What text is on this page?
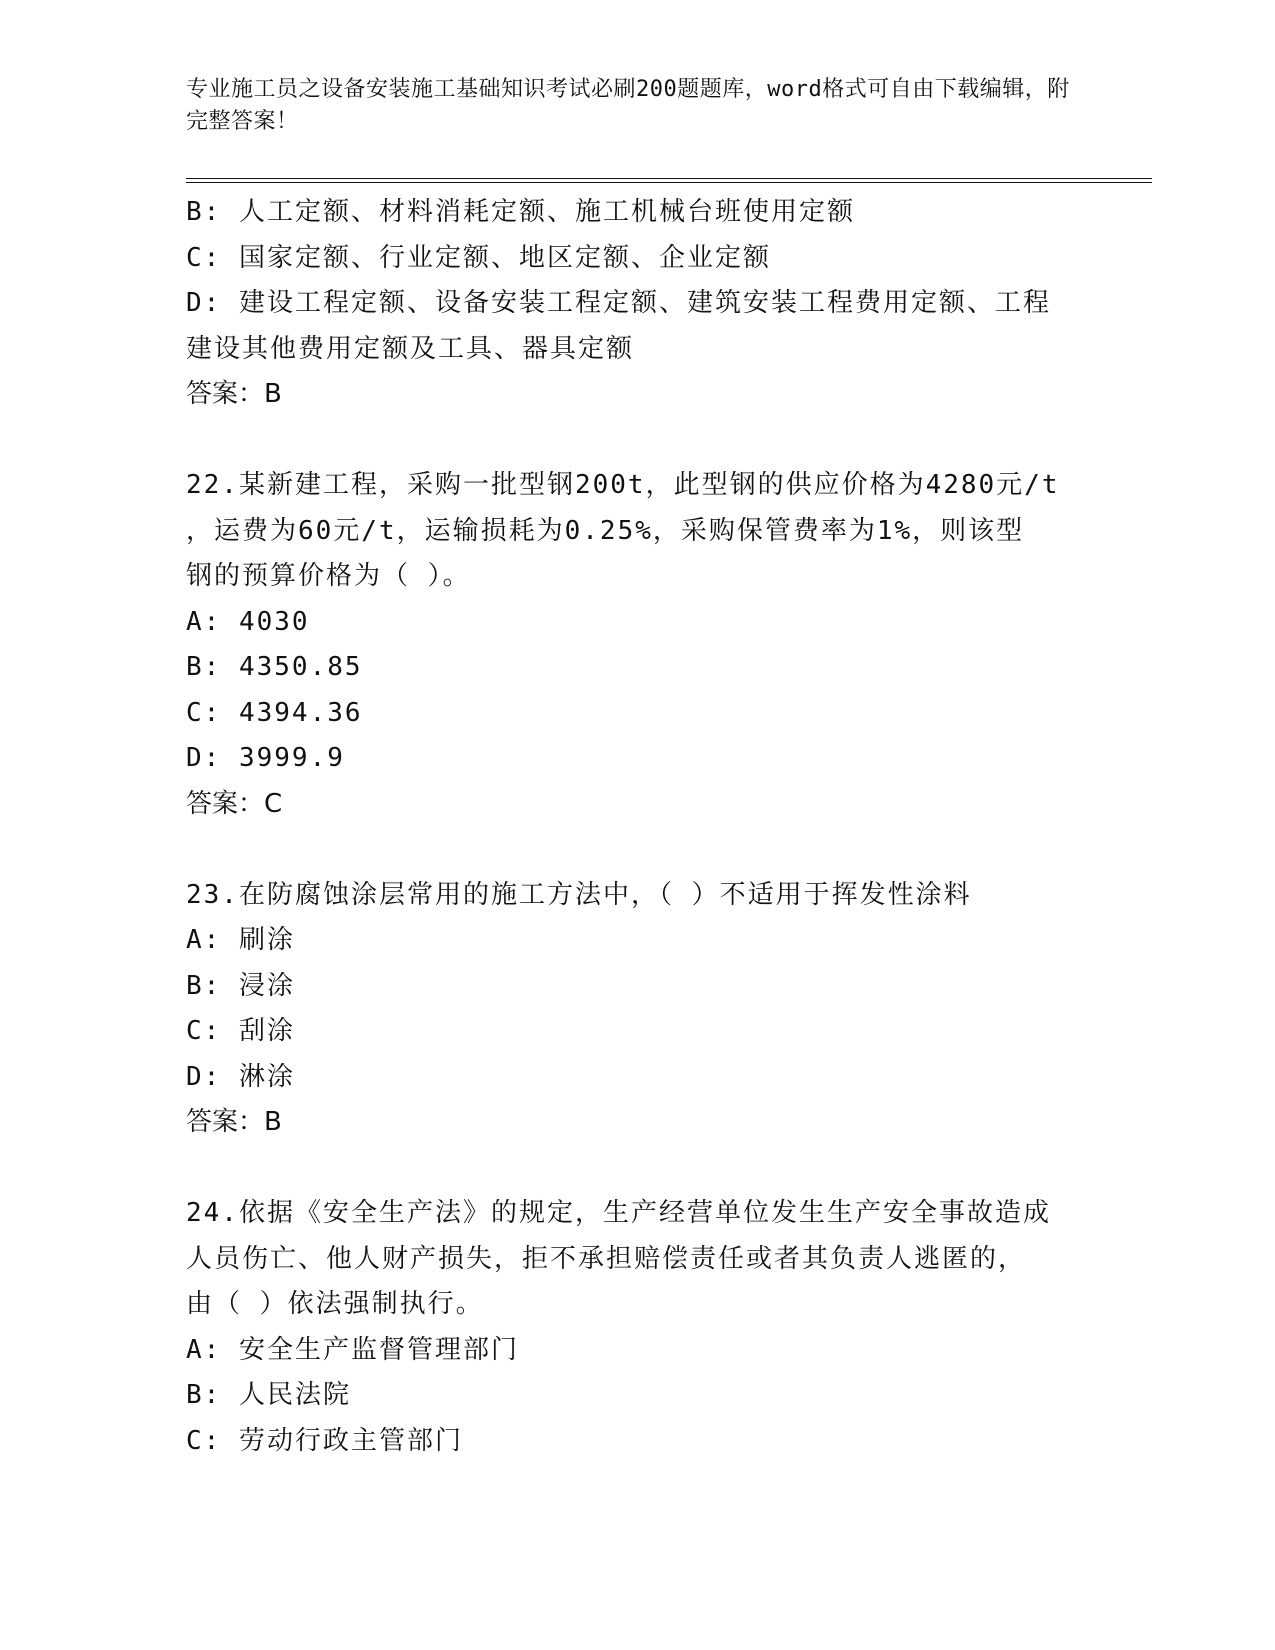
专业施工员之设备安装施工基础知识考试必刷200题题库，word格式可自由下载编辑，附完整答案！
B: 人工定额、材料消耗定额、施工机械台班使用定额
C: 国家定额、行业定额、地区定额、企业定额
D: 建设工程定额、设备安装工程定额、建筑安装工程费用定额、工程
建设其他费用定额及工具、器具定额
答案：B
22.某新建工程，采购一批型钢200t，此型钢的供应价格为4280元/t
，运费为60元/t，运输损耗为0.25%，采购保管费率为1%，则该型
钢的预算价格为（ ）。
A: 4030
B: 4350.85
C: 4394.36
D: 3999.9
答案：C
23.在防腐蚀涂层常用的施工方法中，（ ）不适用于挥发性涂料
A: 刷涂
B: 浸涂
C: 刮涂
D: 淋涂
答案：B
24.依据《安全生产法》的规定，生产经营单位发生生产安全事故造成
人员伤亡、他人财产损失，拒不承担赔偿责任或者其负责人逃匿的，
由（ ）依法强制执行。
A: 安全生产监督管理部门
B: 人民法院
C: 劳动行政主管部门
